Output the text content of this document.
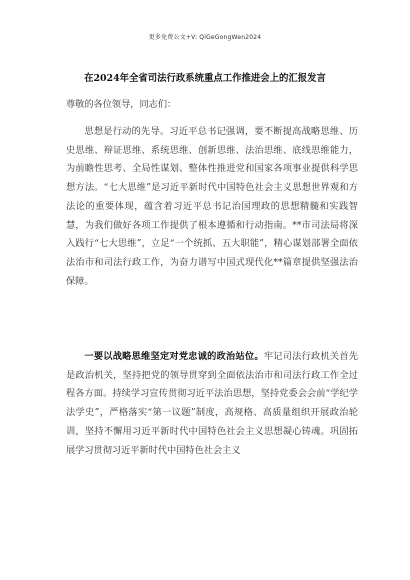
更多免费公文+V: QiGeGongWen2024
在2024年全省司法行政系统重点工作推进会上的汇报发言
尊敬的各位领导，同志们：
思想是行动的先导。习近平总书记强调，要不断提高战略思维、历史思维、辩证思维、系统思维、创新思维、法治思维、底线思维能力，为前瞻性思考、全局性谋划、整体性推进党和国家各项事业提供科学思想方法。“七大思维”是习近平新时代中国特色社会主义思想世界观和方法论的重要体现，蕴含着习近平总书记治国理政的思想精髓和实践智慧，为我们做好各项工作提供了根本遵循和行动指南。**市司法局将深入践行“七大思维”，立足“一个统抓、五大职能”，精心谋划部署全面依法治市和司法行政工作，为奋力谱写中国式现代化**篇章提供坚强法治保障。
一要以战略思维坚定对党忠诚的政治站位。牢记司法行政机关首先是政治机关，坚持把党的领导贯穿到全面依法治市和司法行政工作全过程各方面。持续学习宣传贯彻习近平法治思想，坚持党委会会前“学纪学法学史”，严格落实“第一议题”制度，高规格、高质量组织开展政治轮训，坚持不懈用习近平新时代中国特色社会主义思想凝心铸魂。巩固拓展学习贯彻习近平新时代中国特色社会主义
